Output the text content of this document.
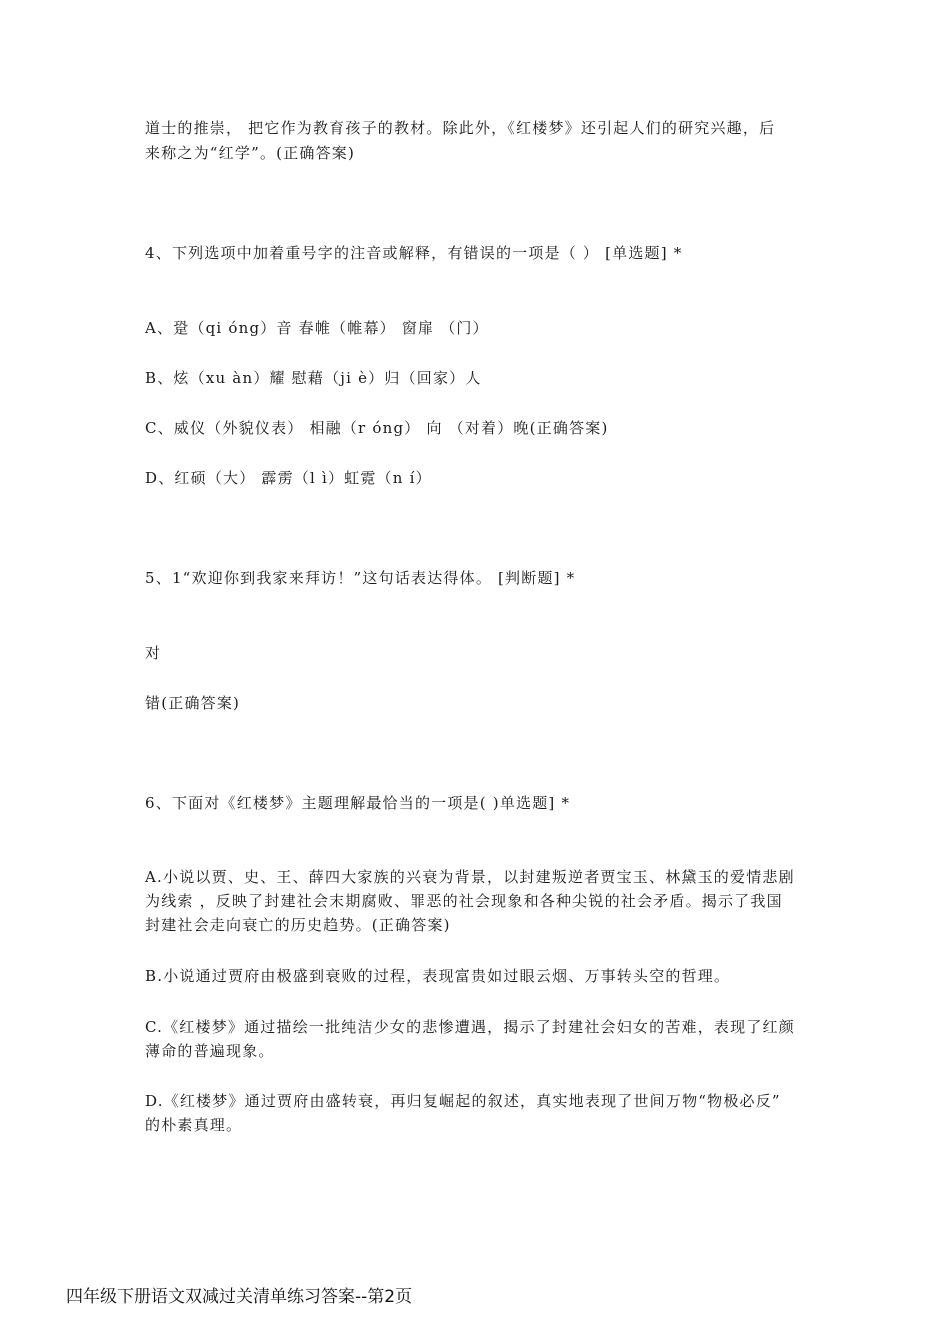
道士的推崇， 把它作为教育孩子的教材。除此外，《红楼梦》还引起人们的研究兴趣，后
来称之为“红学”。(正确答案)
4、下列选项中加着重号字的注音或解释，有错误的一项是（ ） [单选题] *
A、跫（qi óng）音 春帷（帷幕） 窗扉 （门）
B、炫（xu àn）耀 慰藉（ji è）归（回家）人
C、威仪（外貌仪表） 相融（r óng） 向 （对着）晚(正确答案)
D、红硕（大） 霹雳（l ì）虹霓（n í）
5、1“欢迎你到我家来拜访！”这句话表达得体。 [判断题] *
对
错(正确答案)
6、下面对《红楼梦》主题理解最恰当的一项是( )单选题] *
A.小说以贾、史、王、薛四大家族的兴衰为背景，以封建叛逆者贾宝玉、林黛玉的爱情悲剧
为线索 ，反映了封建社会末期腐败、罪恶的社会现象和各种尖锐的社会矛盾。揭示了我国
封建社会走向衰亡的历史趋势。(正确答案)
B.小说通过贾府由极盛到衰败的过程，表现富贵如过眼云烟、万事转头空的哲理。
C.《红楼梦》通过描绘一批纯洁少女的悲惨遭遇，揭示了封建社会妇女的苦难，表现了红颜
薄命的普遍现象。
D.《红楼梦》通过贾府由盛转衰，再归复崛起的叙述，真实地表现了世间万物“物极必反”
的朴素真理。
四年级下册语文双减过关清单练习答案--第2页
